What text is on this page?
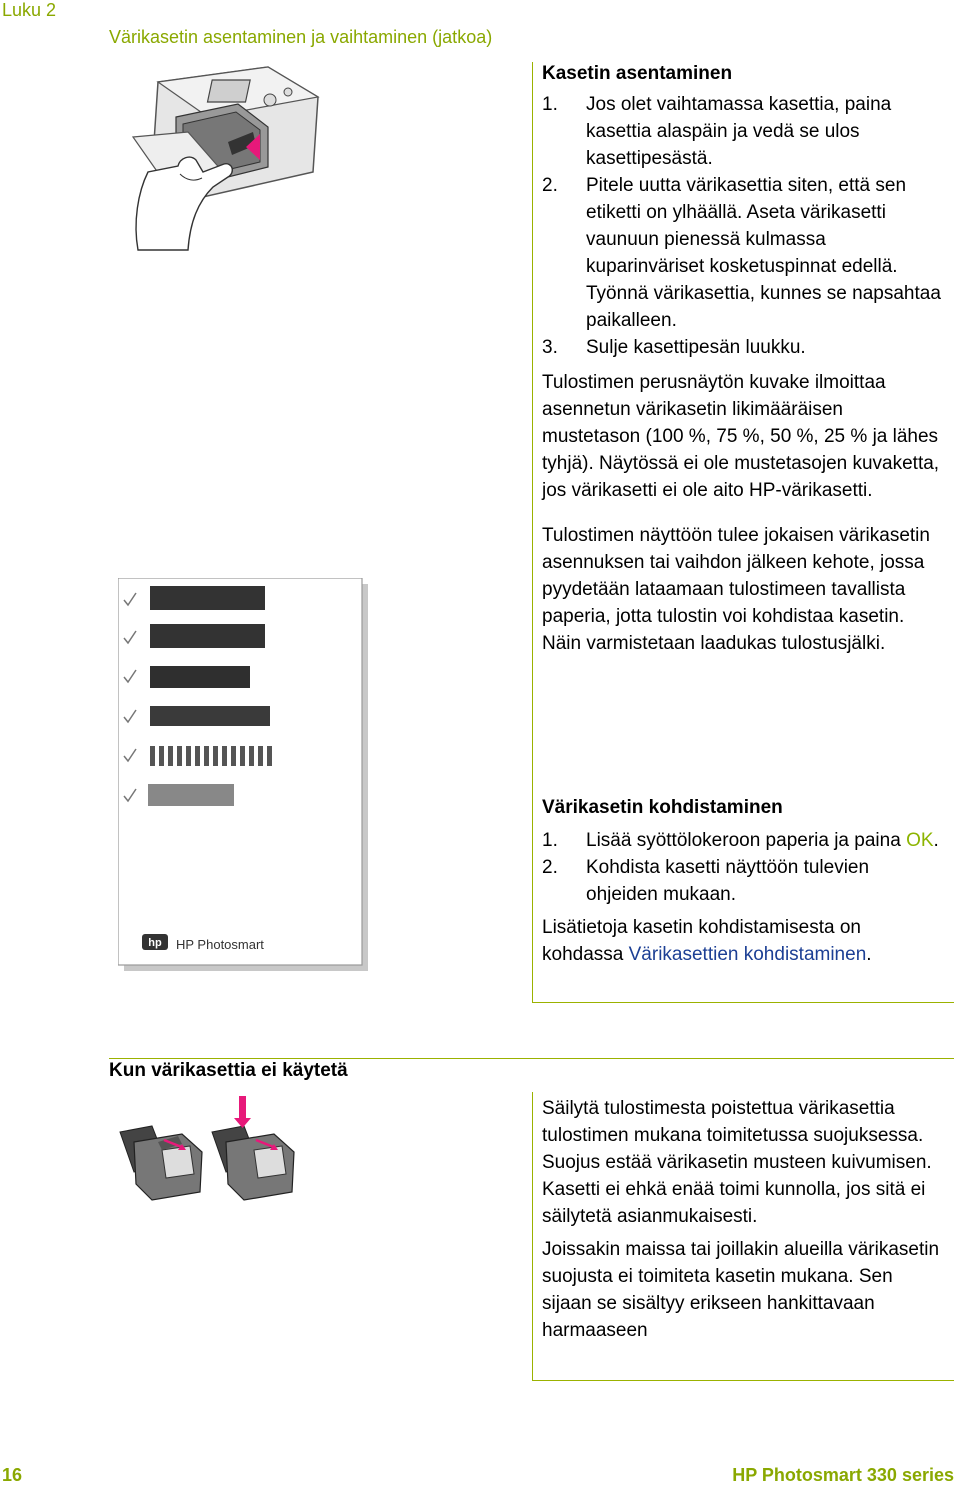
Luku 2
Värikasetin asentaminen ja vaihtaminen (jatkoa)
hp HP Photosmart
Kasetin asentaminen
1. Jos olet vaihtamassa kasettia, paina kasettia alaspäin ja vedä se ulos kasettipesästä.
2. Pitele uutta värikasettia siten, että sen etiketti on ylhäällä. Aseta värikasetti vaunuun pienessä kulmassa kuparinväriset kosketuspinnat edellä. Työnnä värikasettia, kunnes se napsahtaa paikalleen.
3. Sulje kasettipesän luukku.

Tulostimen perusnäytön kuvake ilmoittaa asennetun värikasetin likimääräisen mustetason (100 %, 75 %, 50 %, 25 % ja lähes tyhjä). Näytössä ei ole mustetasojen kuvaketta, jos värikasetti ei ole aito HP-värikasetti.

Tulostimen näyttöön tulee jokaisen värikasetin asennuksen tai vaihdon jälkeen kehote, jossa pyydetään lataamaan tulostimeen tavallista paperia, jotta tulostin voi kohdistaa kasetin. Näin varmistetaan laadukas tulostusjälki.

Värikasetin kohdistaminen
1. Lisää syöttölokeroon paperia ja paina OK.
2. Kohdista kasetti näyttöön tulevien ohjeiden mukaan.

Lisätietoja kasetin kohdistamisesta on kohdassa Värikasettien kohdistaminen.

Kun värikasettia ei käytetä

Säilytä tulostimesta poistettua värikasettia tulostimen mukana toimitetussa suojuksessa. Suojus estää värikasetin musteen kuivumisen. Kasetti ei ehkä enää toimi kunnolla, jos sitä ei säilytetä asianmukaisesti.

Joissakin maissa tai joillakin alueilla värikasetin suojusta ei toimiteta kasetin mukana. Sen sijaan se sisältyy erikseen hankittavaan harmaaseen

16	HP Photosmart 330 series
